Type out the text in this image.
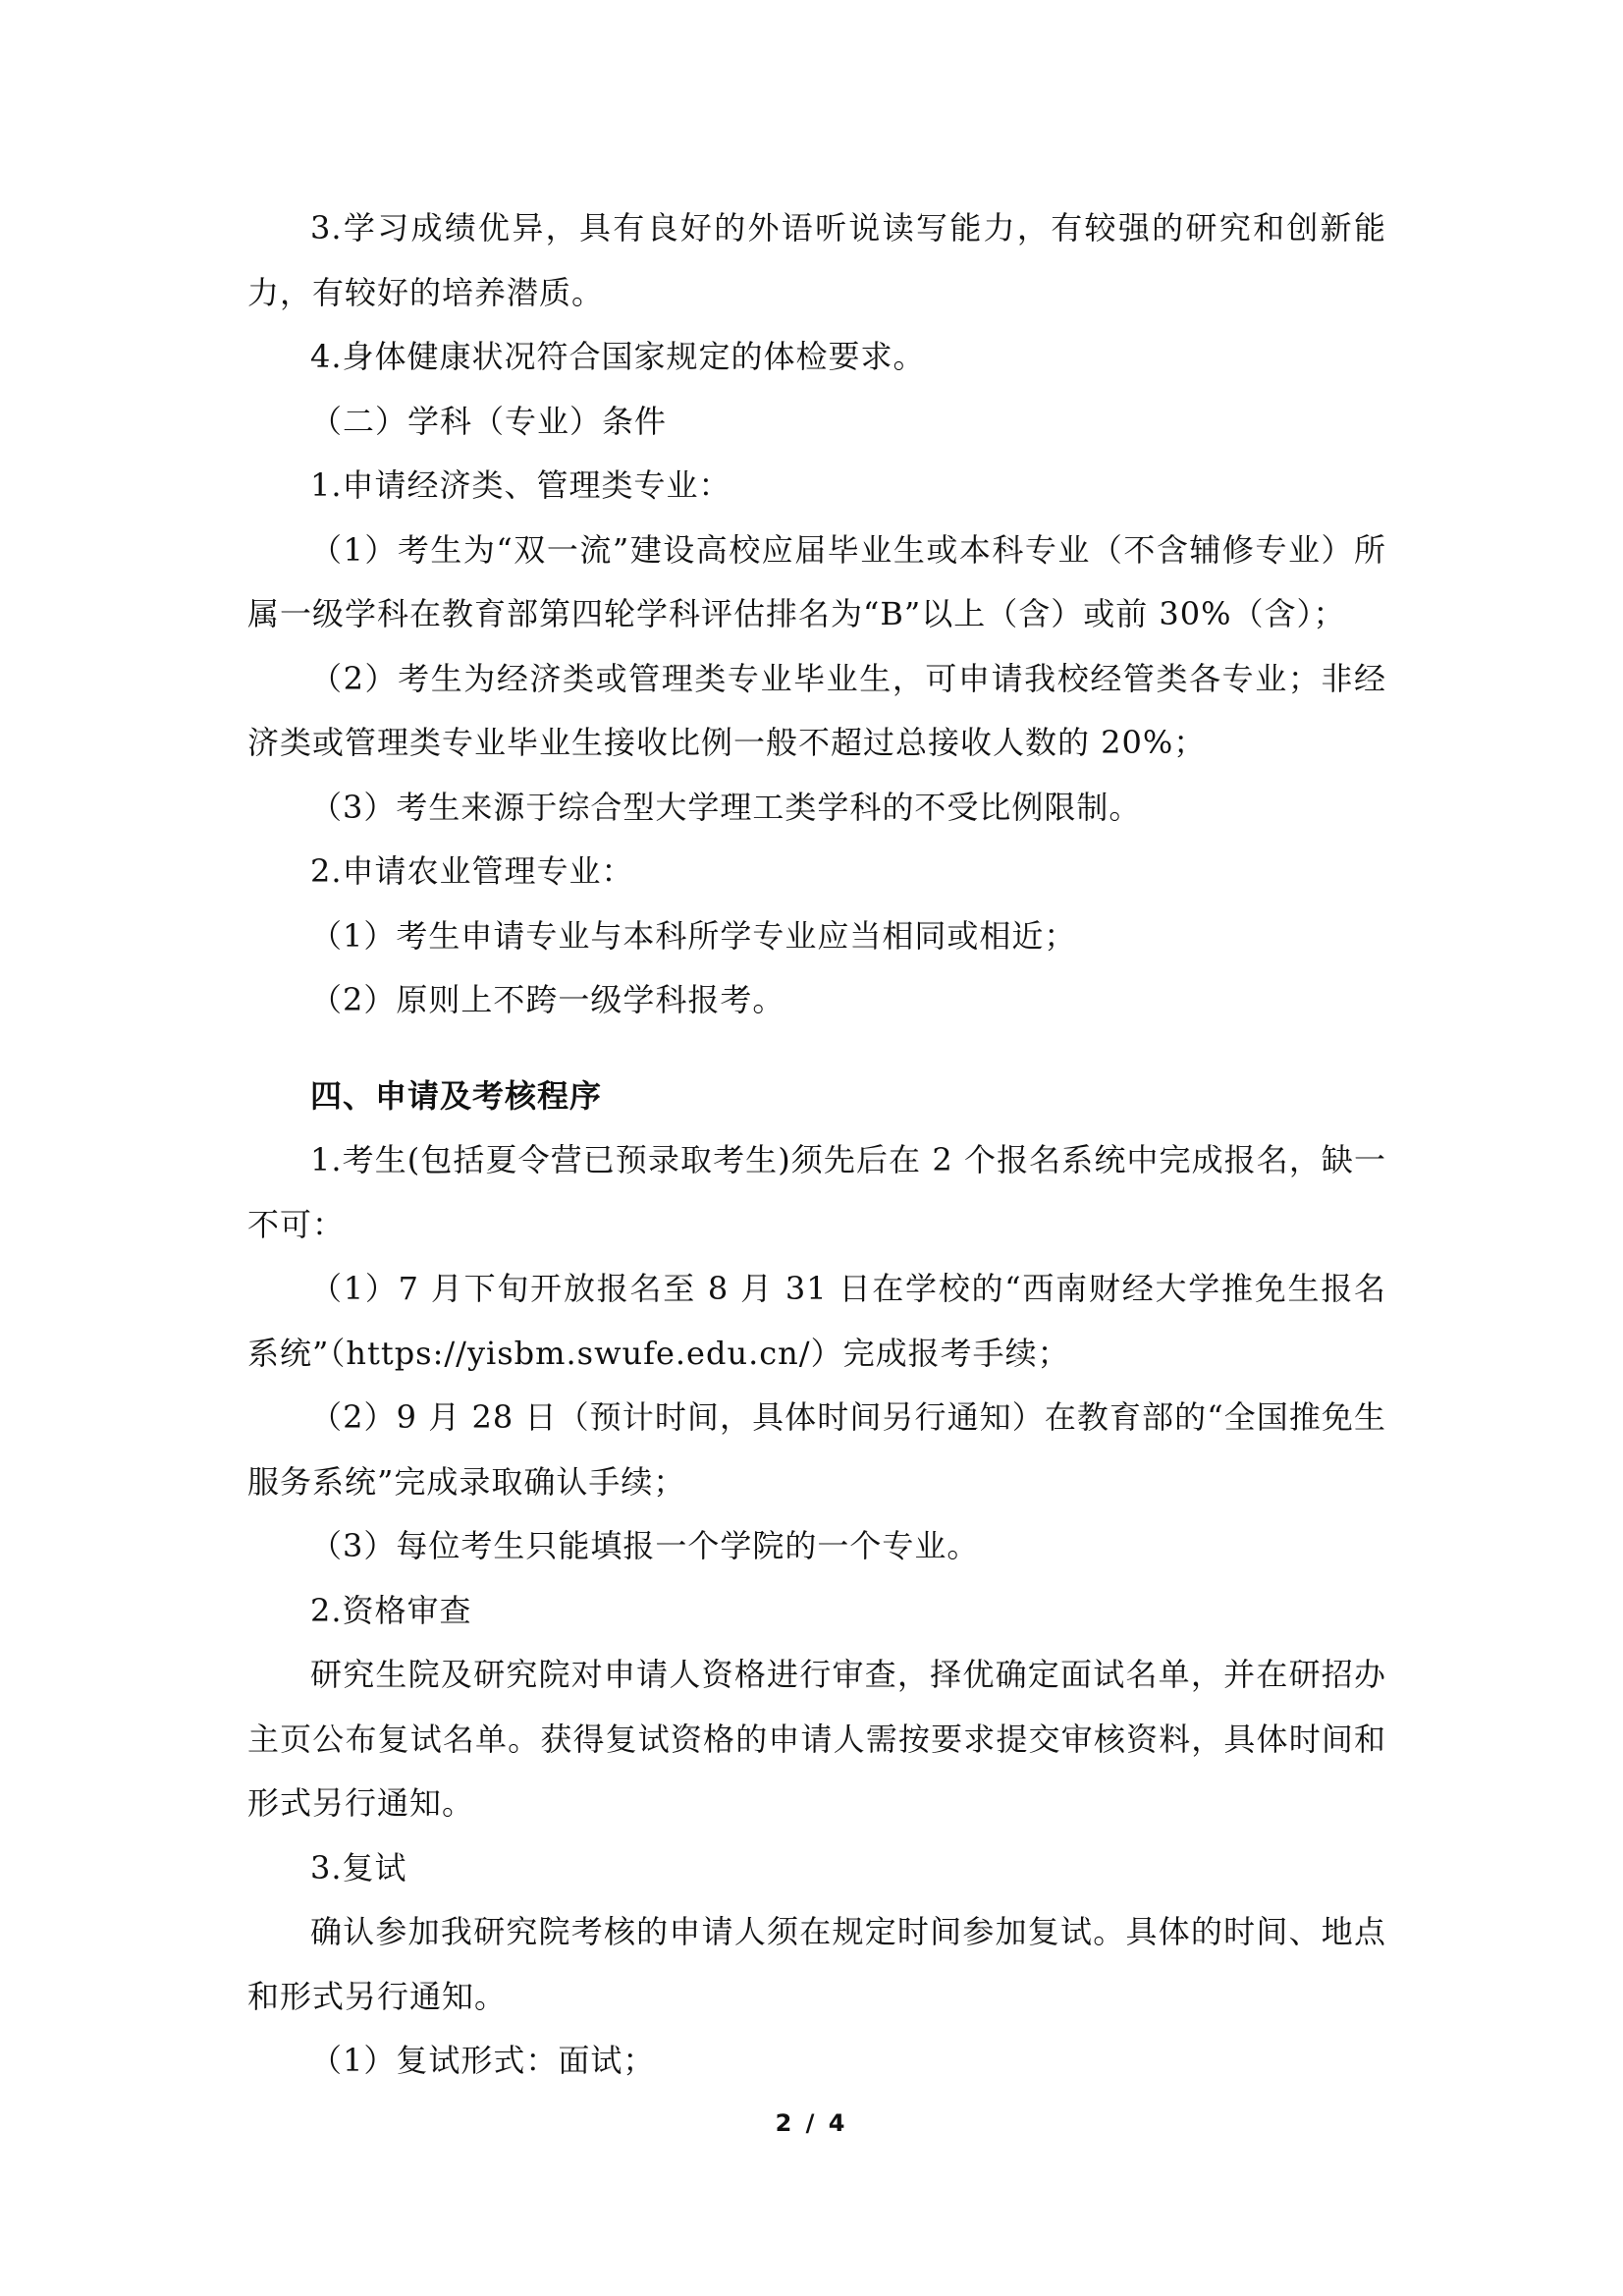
3.学习成绩优异，具有良好的外语听说读写能力，有较强的研究和创新能力，有较好的培养潜质。

4.身体健康状况符合国家规定的体检要求。

（二）学科（专业）条件

1.申请经济类、管理类专业：

（1）考生为“双一流”建设高校应届毕业生或本科专业（不含辅修专业）所属一级学科在教育部第四轮学科评估排名为“B”以上（含）或前 30%（含）；

（2）考生为经济类或管理类专业毕业生，可申请我校经管类各专业；非经济类或管理类专业毕业生接收比例一般不超过总接收人数的 20%；

（3）考生来源于综合型大学理工类学科的不受比例限制。

2.申请农业管理专业：

（1）考生申请专业与本科所学专业应当相同或相近；

（2）原则上不跨一级学科报考。

四、申请及考核程序

1.考生(包括夏令营已预录取考生)须先后在 2 个报名系统中完成报名，缺一不可：

（1）7 月下旬开放报名至 8 月 31 日在学校的“西南财经大学推免生报名系统”（https://yisbm.swufe.edu.cn/）完成报考手续；

（2）9 月 28 日（预计时间，具体时间另行通知）在教育部的“全国推免生服务系统”完成录取确认手续；

（3）每位考生只能填报一个学院的一个专业。

2.资格审查

研究生院及研究院对申请人资格进行审查，择优确定面试名单，并在研招办主页公布复试名单。获得复试资格的申请人需按要求提交审核资料，具体时间和形式另行通知。

3.复试

确认参加我研究院考核的申请人须在规定时间参加复试。具体的时间、地点和形式另行通知。

（1）复试形式：面试；

2 / 4
